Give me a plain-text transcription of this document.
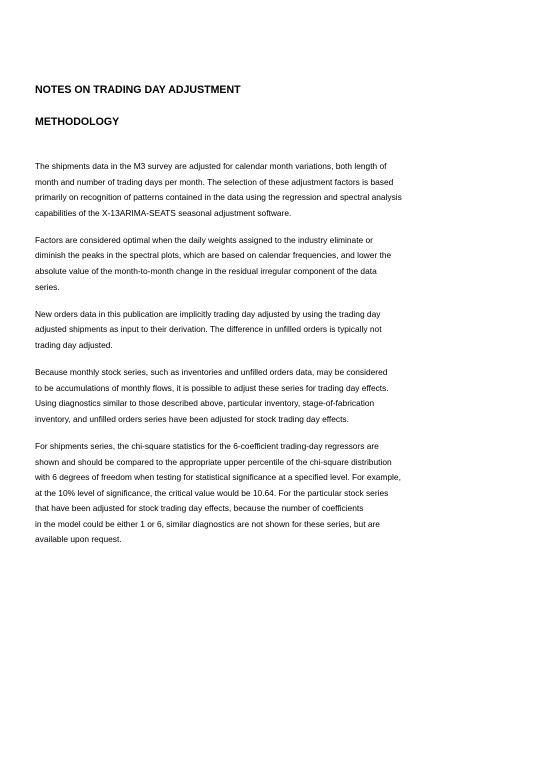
NOTES ON TRADING DAY ADJUSTMENT

METHODOLOGY

The shipments data in the M3 survey are adjusted for calendar month variations, both length of
month and number of trading days per month. The selection of these adjustment factors is based
primarily on recognition of patterns contained in the data using the regression and spectral analysis
capabilities of the X-13ARIMA-SEATS seasonal adjustment software.
Factors are considered optimal when the daily weights assigned to the industry eliminate or
diminish the peaks in the spectral plots, which are based on calendar frequencies, and lower the
absolute value of the month-to-month change in the residual irregular component of the data
series.
New orders data in this publication are implicitly trading day adjusted by using the trading day
adjusted shipments as input to their derivation. The difference in unfilled orders is typically not
trading day adjusted.
Because monthly stock series, such as inventories and unfilled orders data, may be considered
to be accumulations of monthly flows, it is possible to adjust these series for trading day effects.
Using diagnostics similar to those described above, particular inventory, stage-of-fabrication
inventory, and unfilled orders series have been adjusted for stock trading day effects.
For shipments series, the chi-square statistics for the 6-coefficient trading-day regressors are
shown and should be compared to the appropriate upper percentile of the chi-square distribution
with 6 degrees of freedom when testing for statistical significance at a specified level. For example,
at the 10% level of significance, the critical value would be 10.64. For the particular stock series
that have been adjusted for stock trading day effects, because the number of coefficients
in the model could be either 1 or 6, similar diagnostics are not shown for these series, but are
available upon request.
